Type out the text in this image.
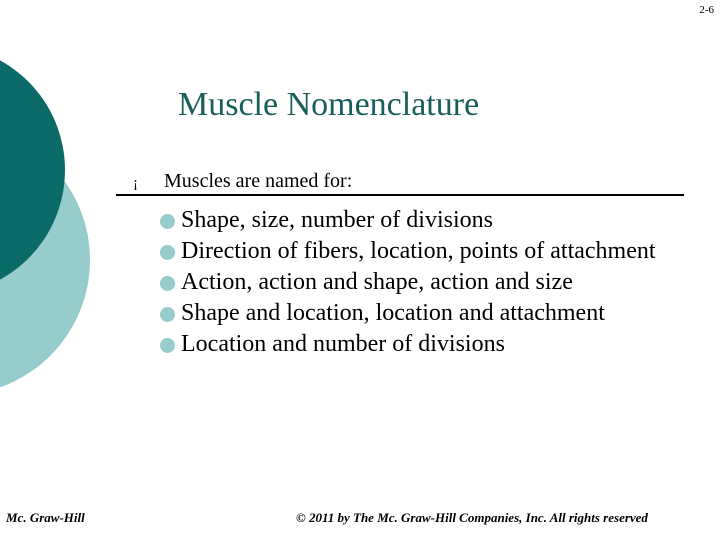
2-6
Muscle Nomenclature
¡ Muscles are named for:
Shape, size, number of divisions
Direction of fibers, location, points of attachment
Action, action and shape, action and size
Shape and location, location and attachment
Location and number of divisions
Mc. Graw-Hill	© 2011 by The Mc. Graw-Hill Companies, Inc. All rights reserved
